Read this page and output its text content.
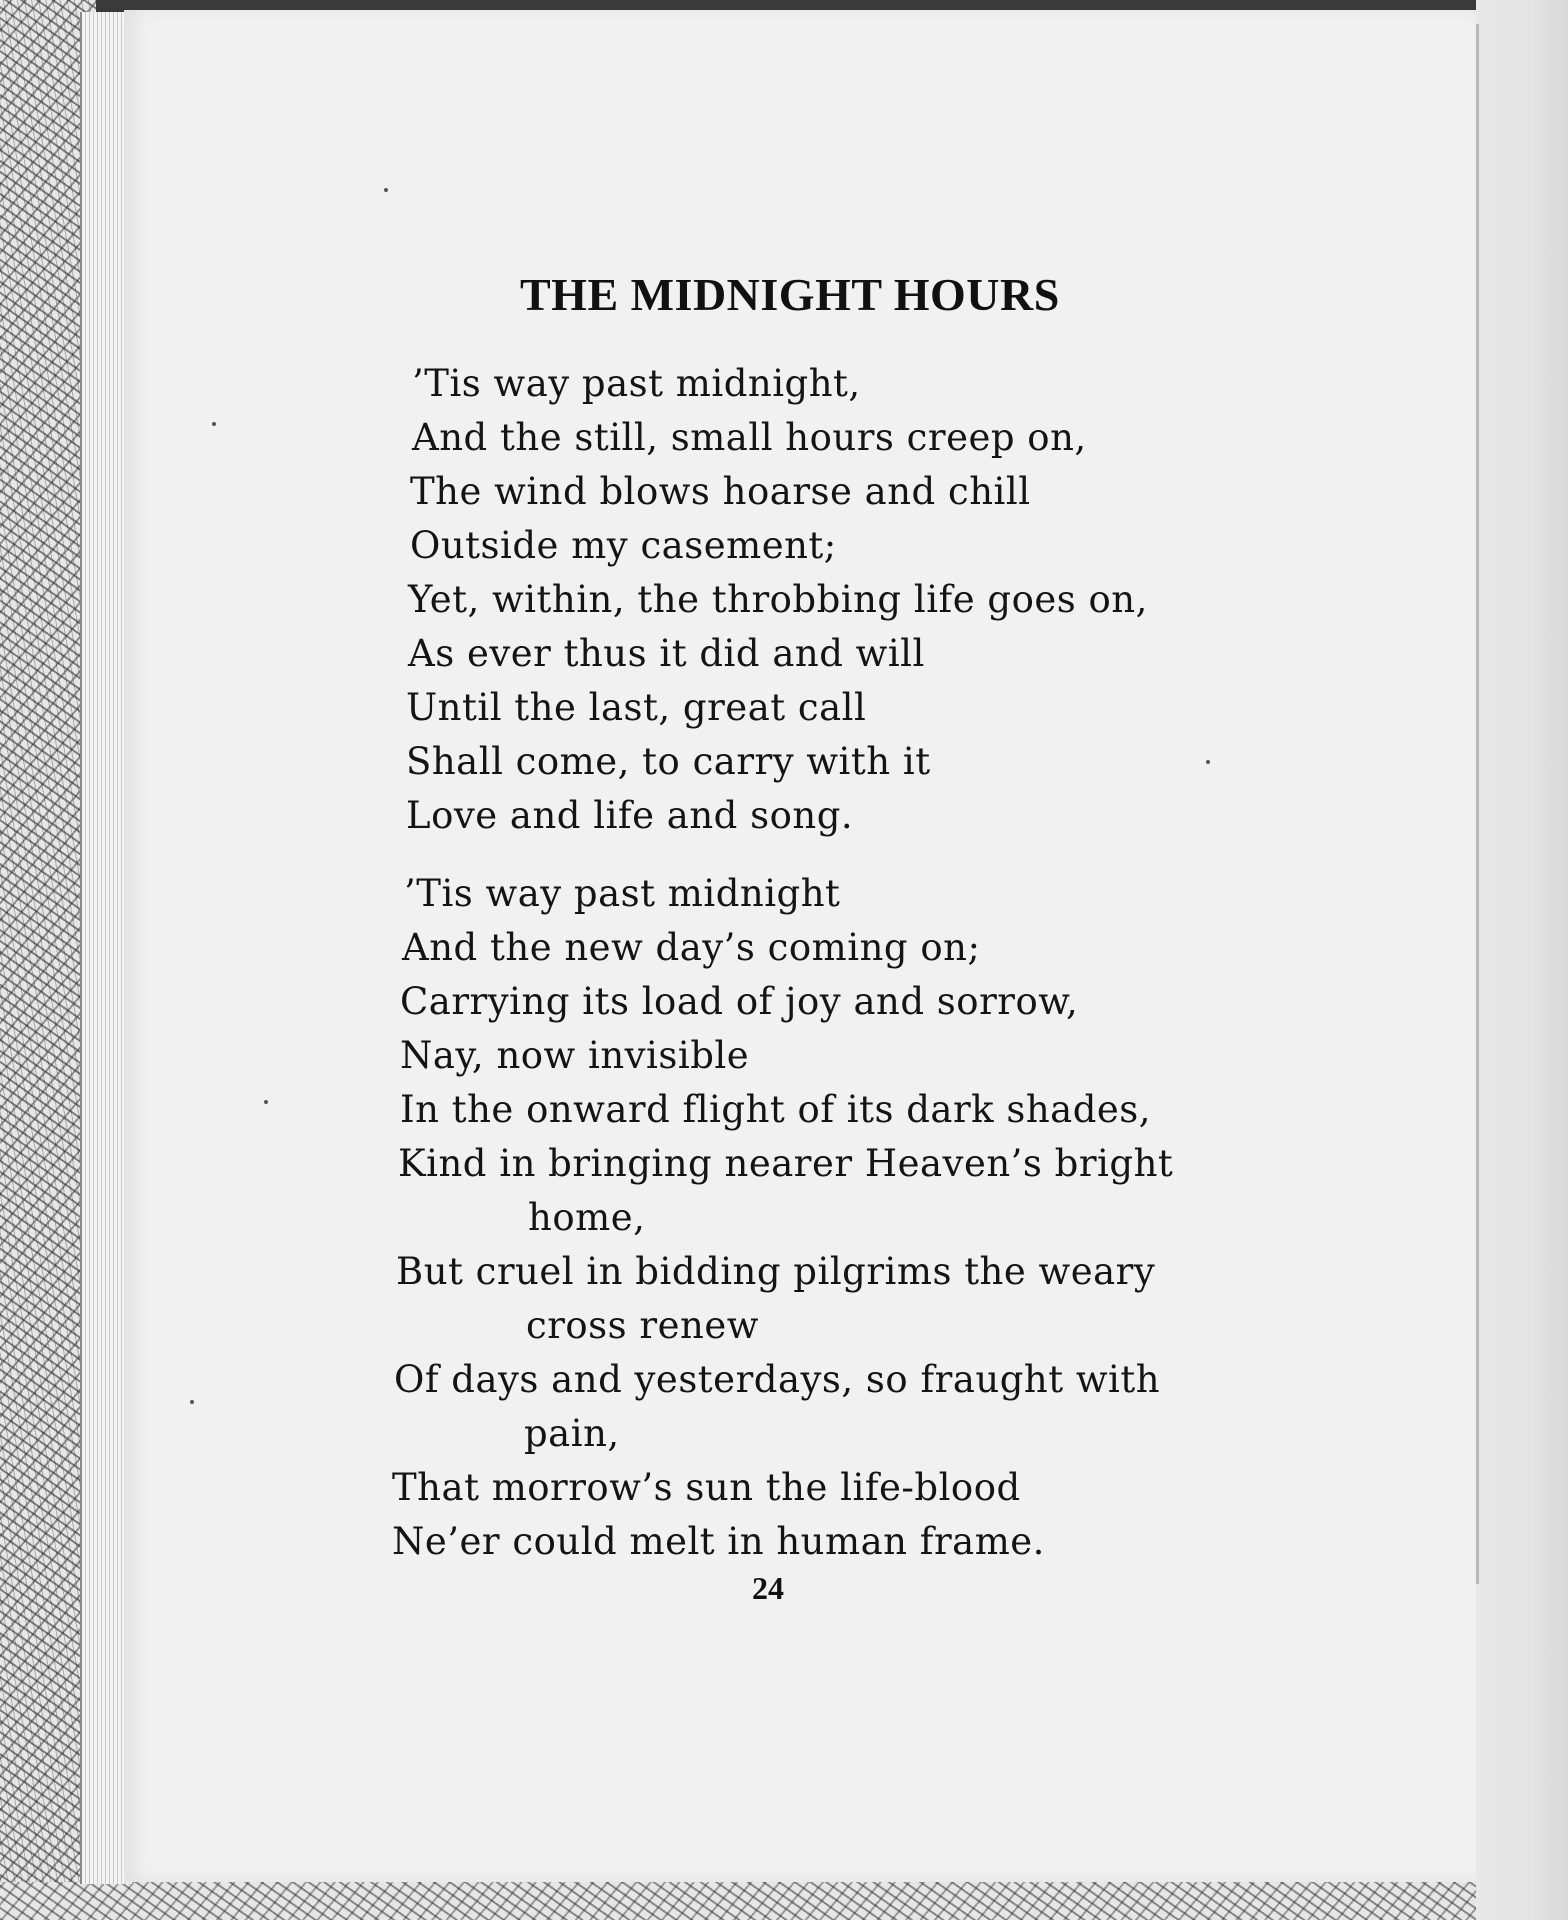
THE MIDNIGHT HOURS

’Tis way past midnight,

And the still, small hours creep on,

The wind blows hoarse and chill

Outside my casement;

Yet, within, the throbbing life goes on,

As ever thus it did and will

Until the last, great call

Shall come, to carry with it

Love and life and song.

’Tis way past midnight

And the new day’s coming on;

Carrying its load of joy and sorrow,

Nay, now invisible

In the onward flight of its dark shades,

Kind in bringing nearer Heaven’s bright

home,

But cruel in bidding pilgrims the weary

cross renew

Of days and yesterdays, so fraught with

pain,

That morrow’s sun the life-blood

Ne’er could melt in human frame.

24
